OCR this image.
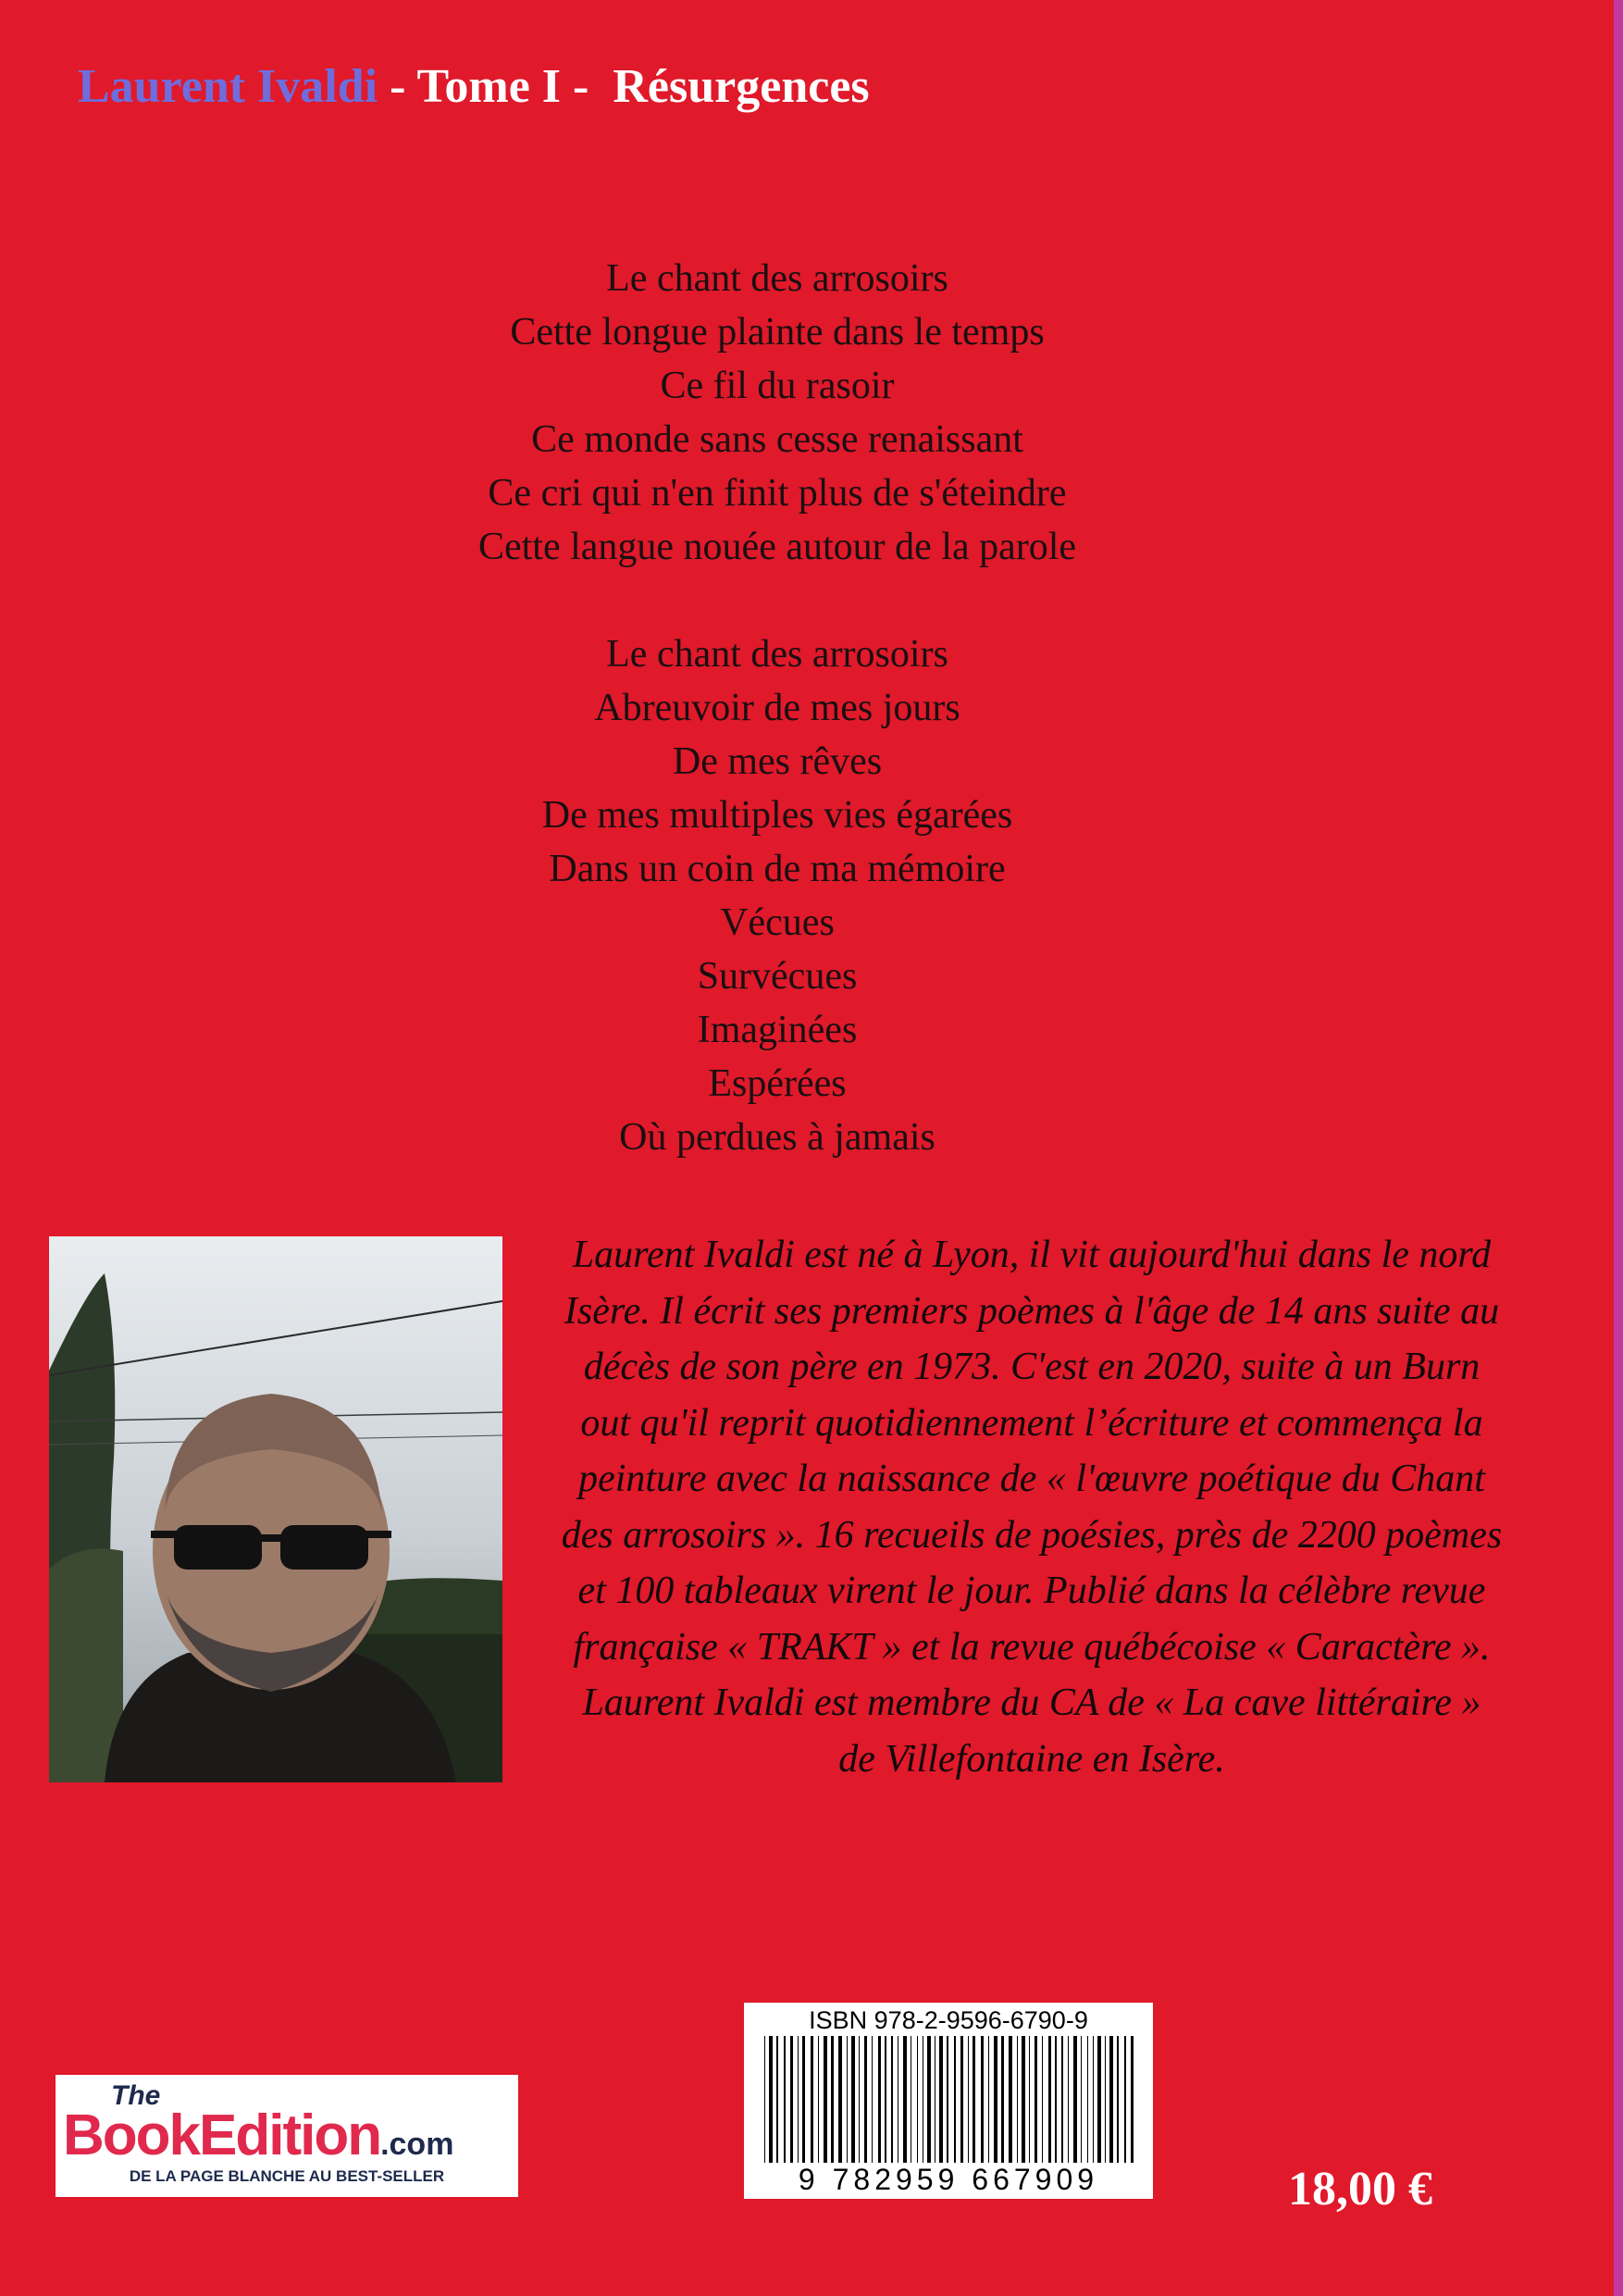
Laurent Ivaldi - Tome I -  Résurgences
Le chant des arrosoirs
Cette longue plainte dans le temps
Ce fil du rasoir
Ce monde sans cesse renaissant
Ce cri qui n'en finit plus de s'éteindre
Cette langue nouée autour de la parole
Le chant des arrosoirs
Abreuvoir de mes jours
De mes rêves
De mes multiples vies égarées
Dans un coin de ma mémoire
Vécues
Survécues
Imaginées
Espérées
Où perdues à jamais
Laurent Ivaldi est né à Lyon, il vit aujourd'hui dans le nord
Isère. Il écrit ses premiers poèmes à l'âge de 14 ans suite au
décès de son père en 1973. C'est en 2020, suite à un Burn
out qu'il reprit quotidiennement l’écriture et commença la
peinture avec la naissance de « l'œuvre poétique du Chant
des arrosoirs ». 16 recueils de poésies, près de 2200 poèmes
et 100 tableaux virent le jour. Publié dans la célèbre revue
française « TRAKT » et la revue québécoise « Caractère ».
Laurent Ivaldi est membre du CA de « La cave littéraire »
de Villefontaine en Isère.
The
BookEdition.com
DE LA PAGE BLANCHE AU BEST-SELLER
ISBN 978-2-9596-6790-9
9 782959 667909	18,00 €
